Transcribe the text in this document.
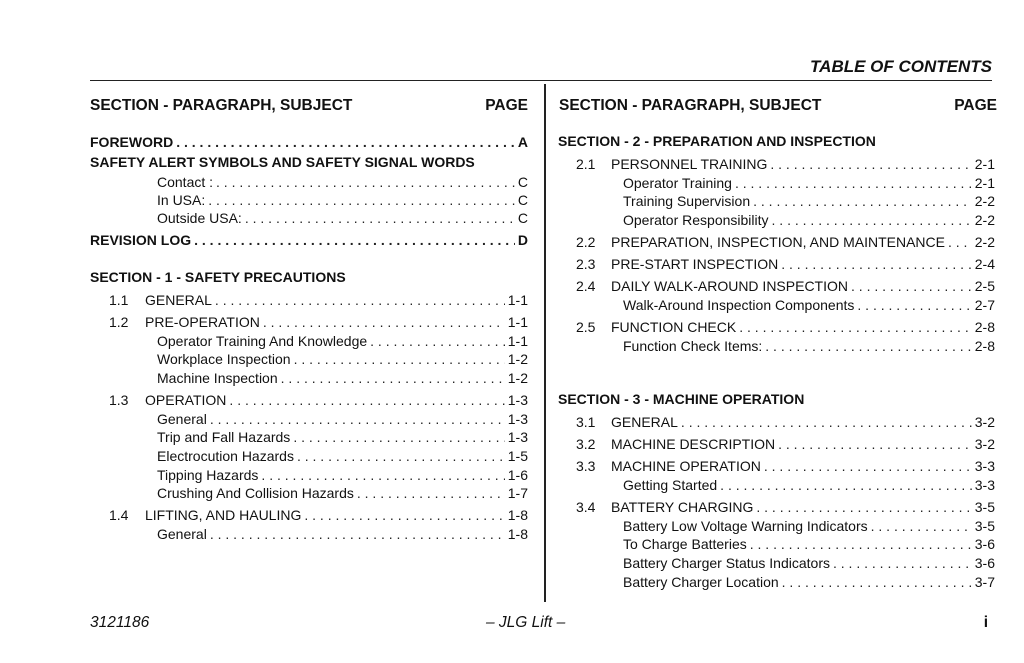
TABLE OF CONTENTS
SECTION - PARAGRAPH, SUBJECT	PAGE SECTION - PARAGRAPH, SUBJECT	PAGE
FOREWORD . . .	A
SAFETY ALERT SYMBOLS AND SAFETY SIGNAL WORDS
Contact : . . .	C
In USA: . . .	C
Outside USA: . . .	C
REVISION LOG . . .	D
SECTION - 1 - SAFETY PRECAUTIONS
1.1 GENERAL . . .	1-1
1.2 PRE-OPERATION . . .	1-1
Operator Training And Knowledge . . .	1-1
Workplace Inspection . . .	1-2
Machine Inspection . . .	1-2
1.3 OPERATION . . .	1-3
General . . .	1-3
Trip and Fall Hazards . . .	1-3
Electrocution Hazards . . .	1-5
Tipping Hazards . . .	1-6
Crushing And Collision Hazards . . .	1-7
1.4 LIFTING, AND HAULING . . .	1-8
General . . .	1-8
SECTION - 2 - PREPARATION AND INSPECTION
2.1 PERSONNEL TRAINING . . .	2-1
Operator Training . . .	2-1
Training Supervision . . .	2-2
Operator Responsibility . . .	2-2
2.2 PREPARATION, INSPECTION, AND MAINTENANCE . . . 2-2
2.3 PRE-START INSPECTION . . .	2-4
2.4 DAILY WALK-AROUND INSPECTION . . .	2-5
Walk-Around Inspection Components . . .	2-7
2.5 FUNCTION CHECK . . .	2-8
Function Check Items: . . .	2-8
SECTION - 3 - MACHINE OPERATION
3.1 GENERAL . . .	3-2
3.2 MACHINE DESCRIPTION . . .	3-2
3.3 MACHINE OPERATION . . .	3-3
Getting Started . . .	3-3
3.4 BATTERY CHARGING . . .	3-5
Battery Low Voltage Warning Indicators . . .	3-5
To Charge Batteries . . .	3-6
Battery Charger Status Indicators . . .	3-6
Battery Charger Location . . .	3-7
3121186	– JLG Lift –	i
